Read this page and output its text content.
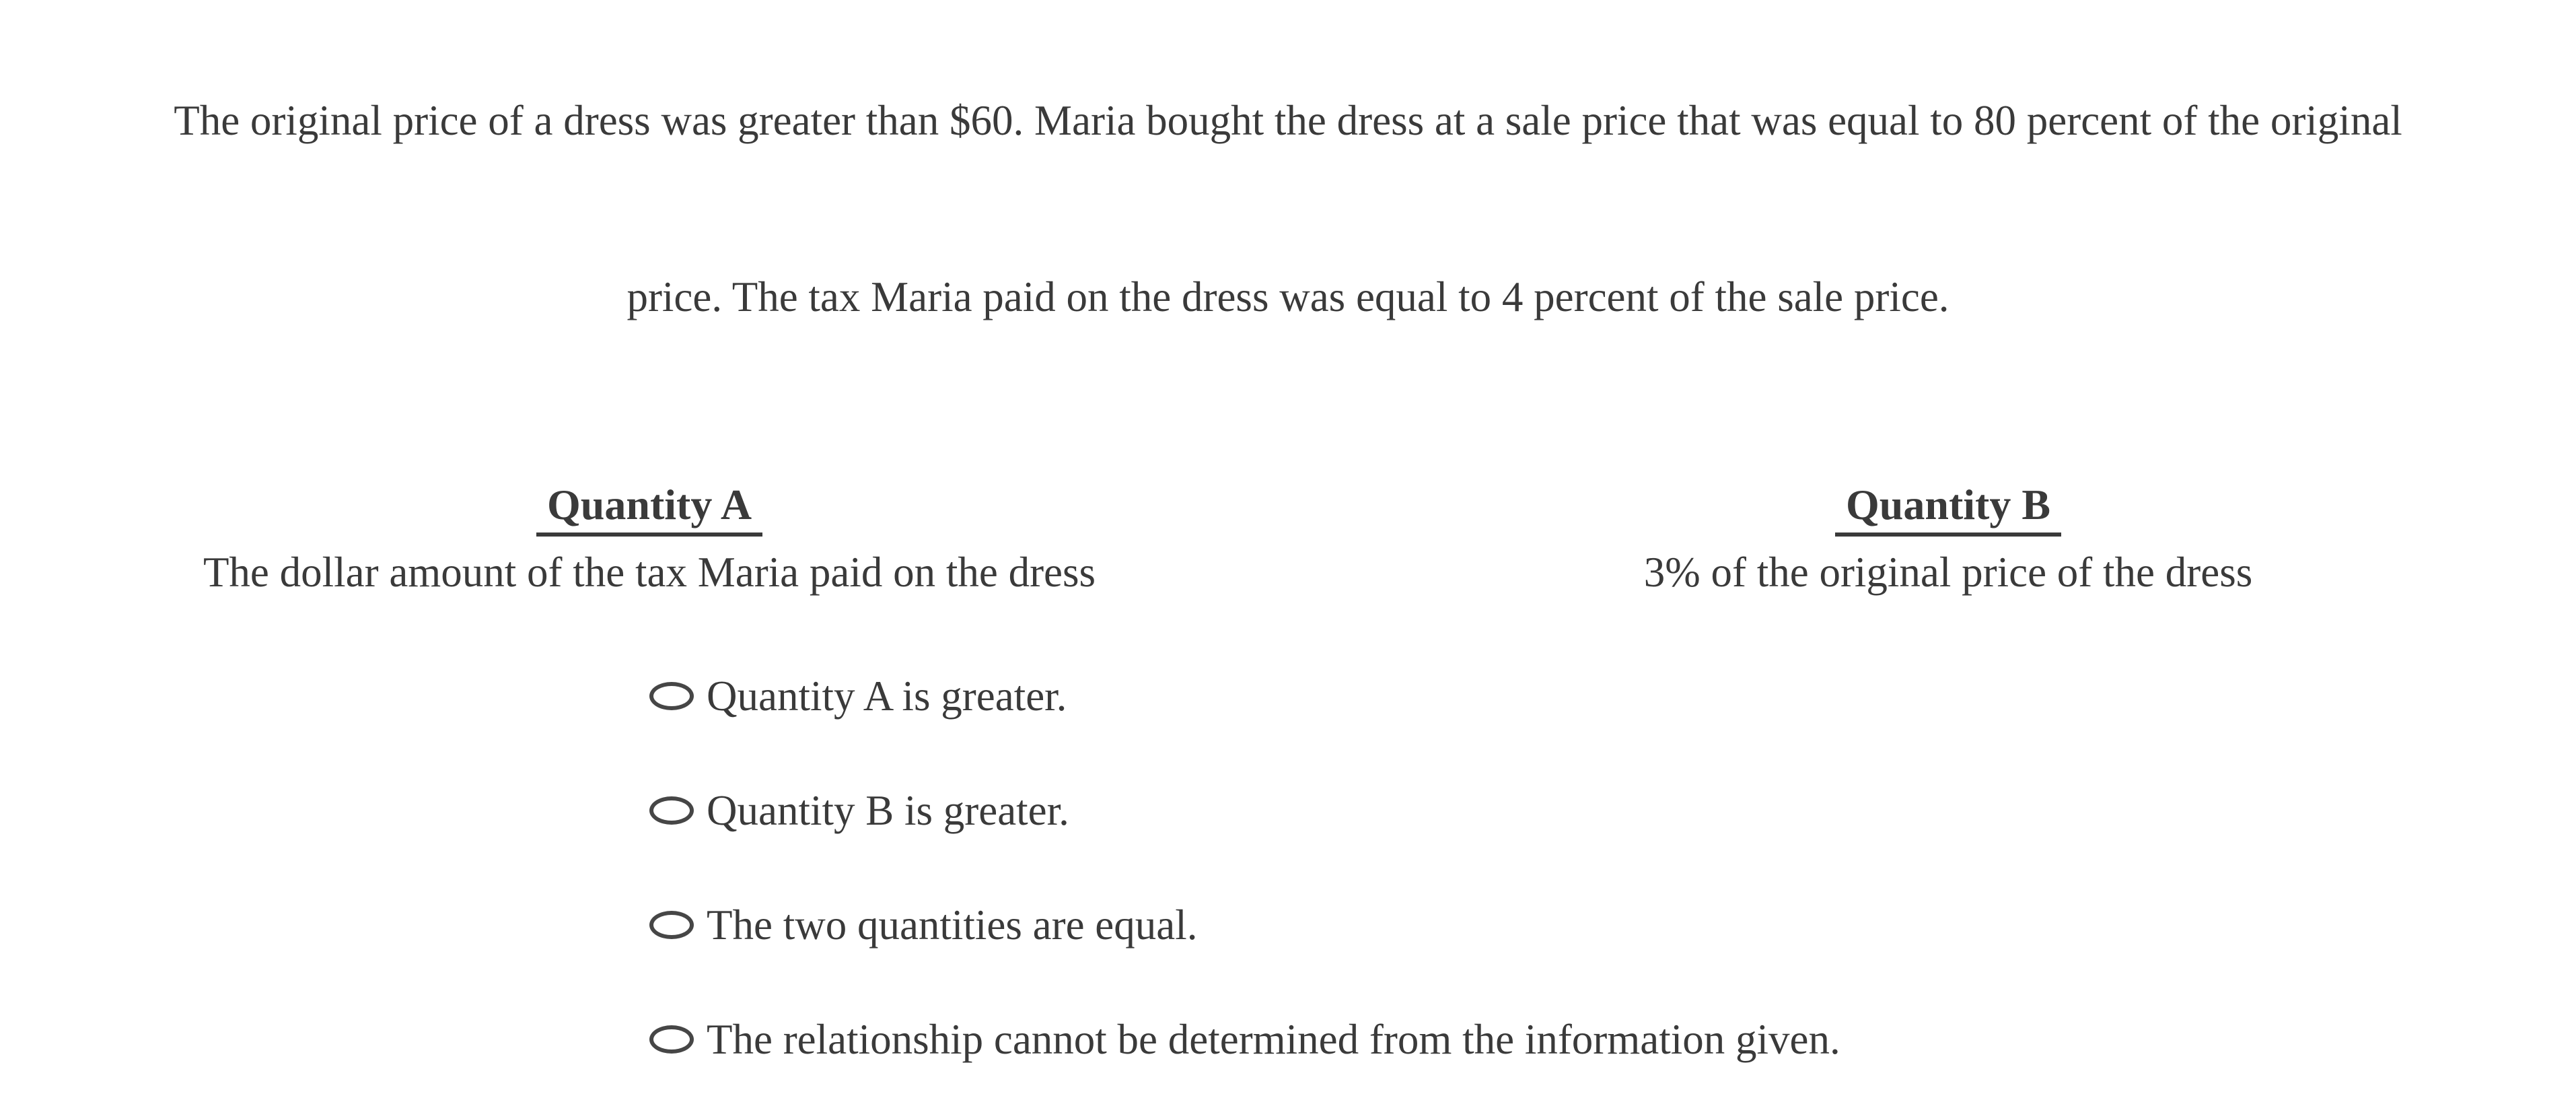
The original price of a dress was greater than $60. Maria bought the dress at a sale price that was equal to 80 percent of the original
price. The tax Maria paid on the dress was equal to 4 percent of the sale price.
Quantity A
The dollar amount of the tax Maria paid on the dress
Quantity B
3% of the original price of the dress
Quantity A is greater.
Quantity B is greater.
The two quantities are equal.
The relationship cannot be determined from the information given.
